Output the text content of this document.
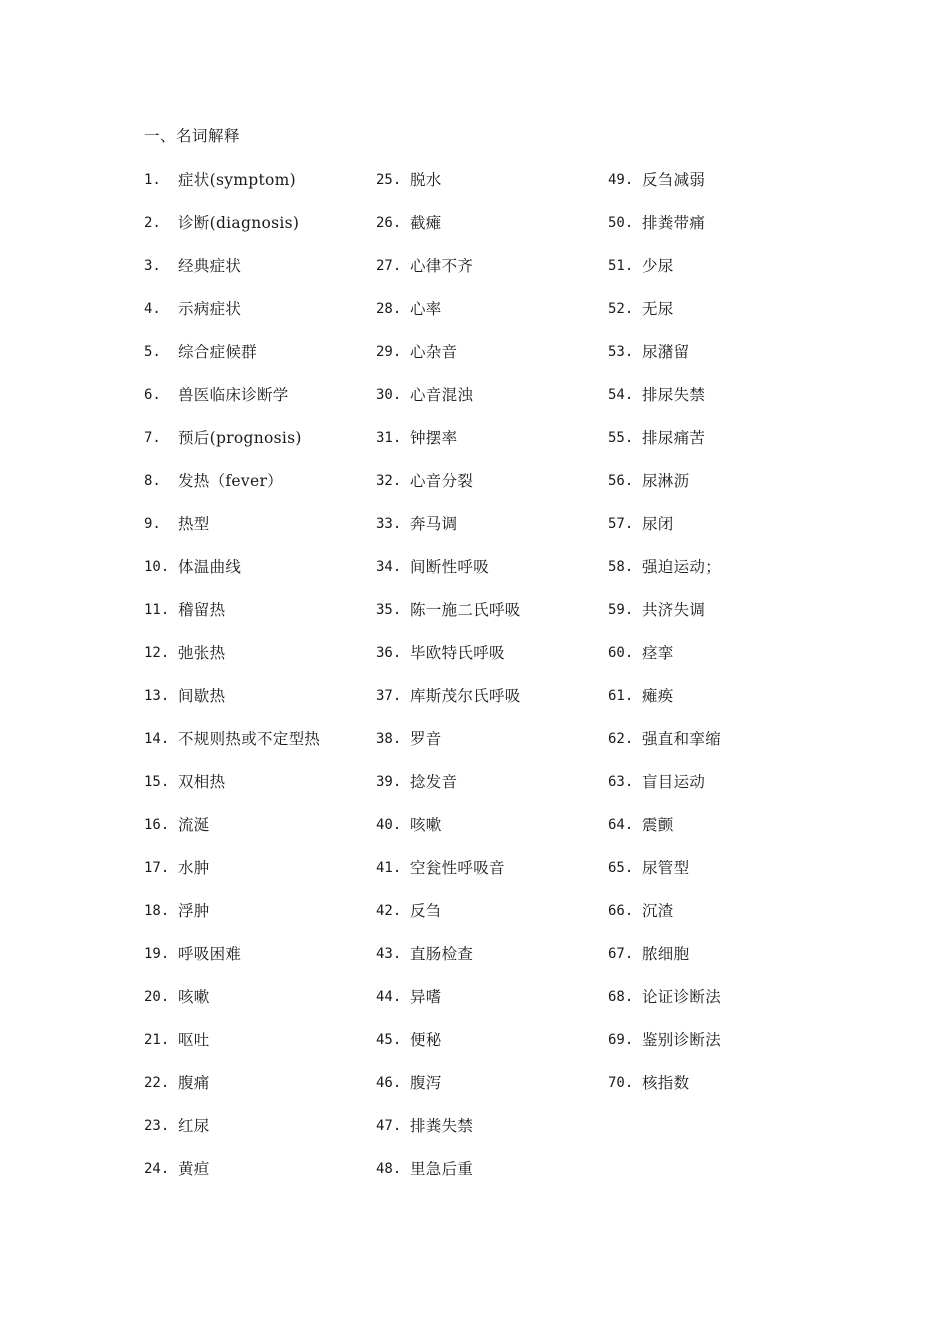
一、名词解释
1.	症状(symptom)
2.	诊断(diagnosis)
3.	经典症状
4.	示病症状
5.	综合症候群
6.	兽医临床诊断学
7.	预后(prognosis)
8.	发热（fever）
9.	热型
10. 体温曲线
11. 稽留热
12. 弛张热
13. 间歇热
14. 不规则热或不定型热
15. 双相热
16. 流涎
17. 水肿
18. 浮肿
19. 呼吸困难
20. 咳嗽
21. 呕吐
22. 腹痛
23. 红尿
24. 黄疸
25. 脱水
26. 截瘫
27. 心律不齐
28. 心率
29. 心杂音
30. 心音混浊
31. 钟摆率
32. 心音分裂
33. 奔马调
34. 间断性呼吸
35. 陈一施二氏呼吸
36. 毕欧特氏呼吸
37. 库斯茂尔氏呼吸
38. 罗音
39. 捻发音
40. 咳嗽
41. 空瓮性呼吸音
42. 反刍
43. 直肠检查
44. 异嗜
45. 便秘
46. 腹泻
47. 排粪失禁
48. 里急后重
49. 反刍减弱
50. 排粪带痛
51. 少尿
52. 无尿
53. 尿潴留
54. 排尿失禁
55. 排尿痛苦
56. 尿淋沥
57. 尿闭
58. 强迫运动；
59. 共济失调
60. 痉挛
61. 瘫痪
62. 强直和挛缩
63. 盲目运动
64. 震颤
65. 尿管型
66. 沉渣
67. 脓细胞
68. 论证诊断法
69. 鉴别诊断法
70. 核指数
